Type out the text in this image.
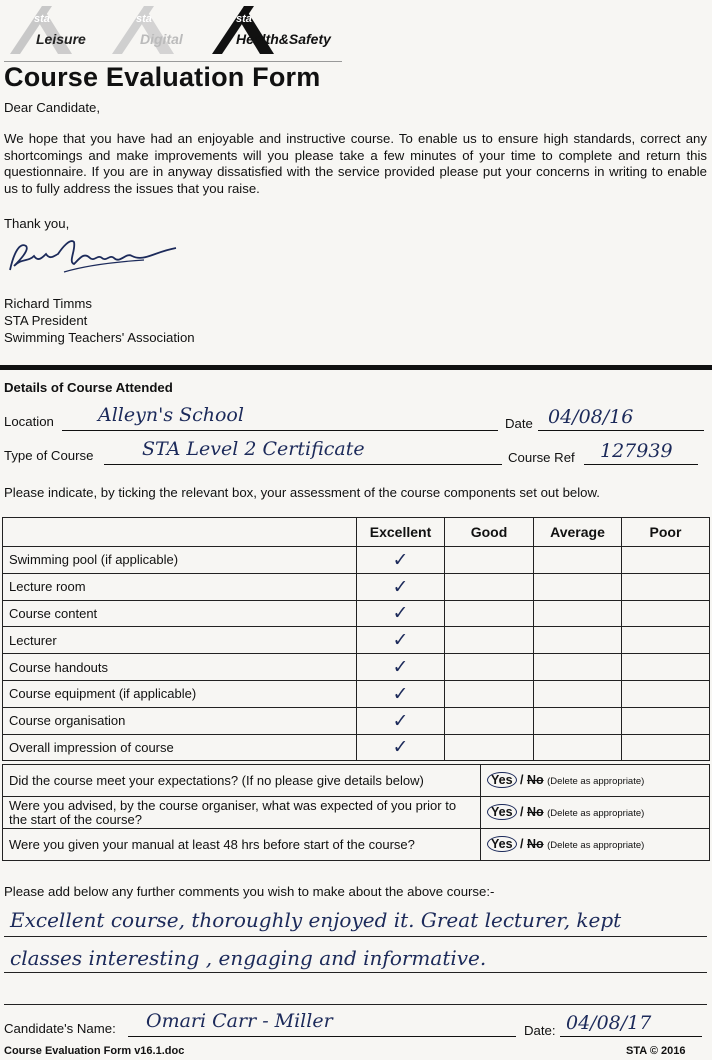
sta
Leisure
sta
Digital
sta
Health&Safety
Course Evaluation Form
Dear Candidate,
We hope that you have had an enjoyable and instructive course. To enable us to ensure high standards, correct any shortcomings and make improvements will you please take a few minutes of your time to complete and return this questionnaire. If you are in anyway dissatisfied with the service provided please put your concerns in writing to enable us to fully address the issues that you raise.
Thank you,
Richard Timms
STA President
Swimming Teachers' Association
Details of Course Attended
Location Alleyn's School	Date 04/08/16
Type of Course	STA Level 2 Certificate	Course Ref 127939
Please indicate, by ticking the relevant box, your assessment of the course components set out below.
	Excellent	Good	Average	Poor
Swimming pool (if applicable)	✓			
Lecture room	✓			
Course content	✓			
Lecturer	✓			
Course handouts	✓			
Course equipment (if applicable)	✓			
Course organisation	✓			
Overall impression of course	✓			
Did the course meet your expectations? (If no please give details below)	Yes / No (Delete as appropriate)
Were you advised, by the course organiser, what was expected of you prior to the start of the course?	Yes / No (Delete as appropriate)
Were you given your manual at least 48 hrs before start of the course?	Yes / No (Delete as appropriate)
Please add below any further comments you wish to make about the above course:-
Excellent course, thoroughly enjoyed it. Great lecturer, kept
classes interesting , engaging and informative.
Candidate's Name: Omari Carr - Miller	Date: 04/08/17
Course Evaluation Form v16.1.doc	STA © 2016
